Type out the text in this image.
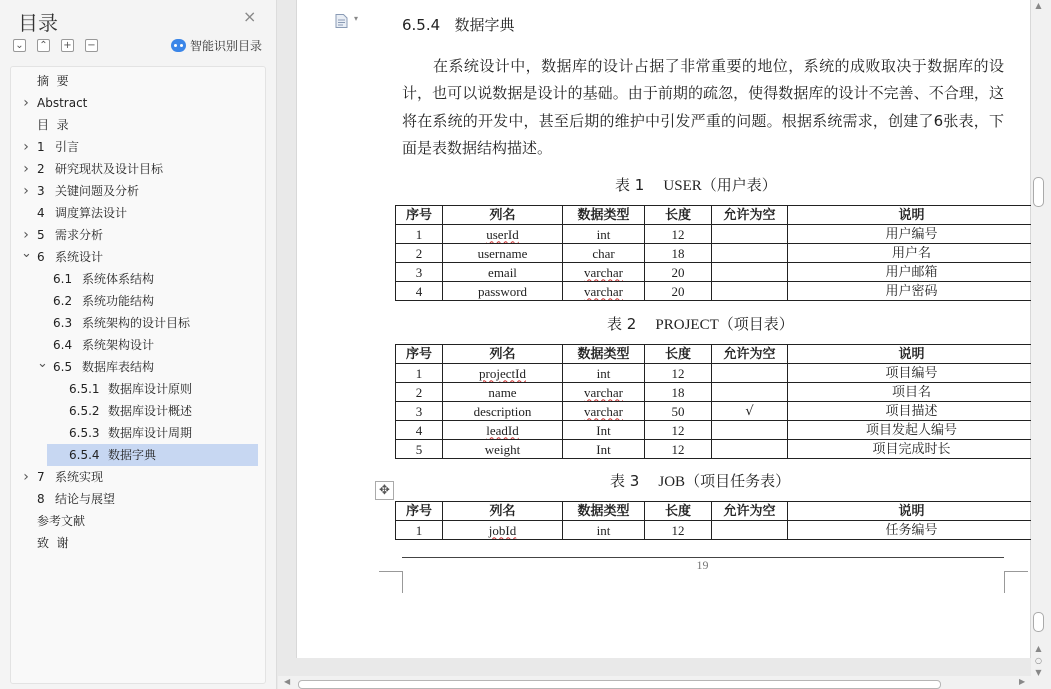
目录	×
⌄ ⌃ + −	智能识别目录
摘  要
› Abstract
目  录
› 1 引言
› 2 研究现状及设计目标
› 3 关键问题及分析
4 调度算法设计
› 5 需求分析
⌄ 6 系统设计
6.1 系统体系结构
6.2 系统功能结构
6.3 系统架构的设计目标
6.4 系统架构设计
⌄ 6.5 数据库表结构
6.5.1 数据库设计原则
6.5.2 数据库设计概述
6.5.3 数据库设计周期
6.5.4 数据字典
› 7 系统实现
8 结论与展望
参考文献
致  谢
▾	6.5.4   数据字典
在系统设计中，数据库的设计占据了非常重要的地位，系统的成败取决于数据库的设计，也可以说数据是设计的基础。由于前期的疏忽，使得数据库的设计不完善、不合理，这将在系统的开发中，甚至后期的维护中引发严重的问题。根据系统需求，创建了6张表，下面是表数据结构描述。
表 1 USER（用户表）
序号	列名	数据类型	长度	允许为空	说明
1	userId	int	12		用户编号
2	username	char	18		用户名
3	email	varchar	20		用户邮箱
4	password	varchar	20		用户密码
表 2 PROJECT（项目表）
序号	列名	数据类型	长度	允许为空	说明
1	projectId	int	12		项目编号
2	name	varchar	18		项目名
3	description	varchar	50	√	项目描述
4	leadId	Int	12		项目发起人编号
5	weight	Int	12		项目完成时长
表 3 JOB（项目任务表）
序号	列名	数据类型	长度	允许为空	说明
1	jobId	int	12		任务编号
✥
19
▲
▲
○
▼
◀	▶
